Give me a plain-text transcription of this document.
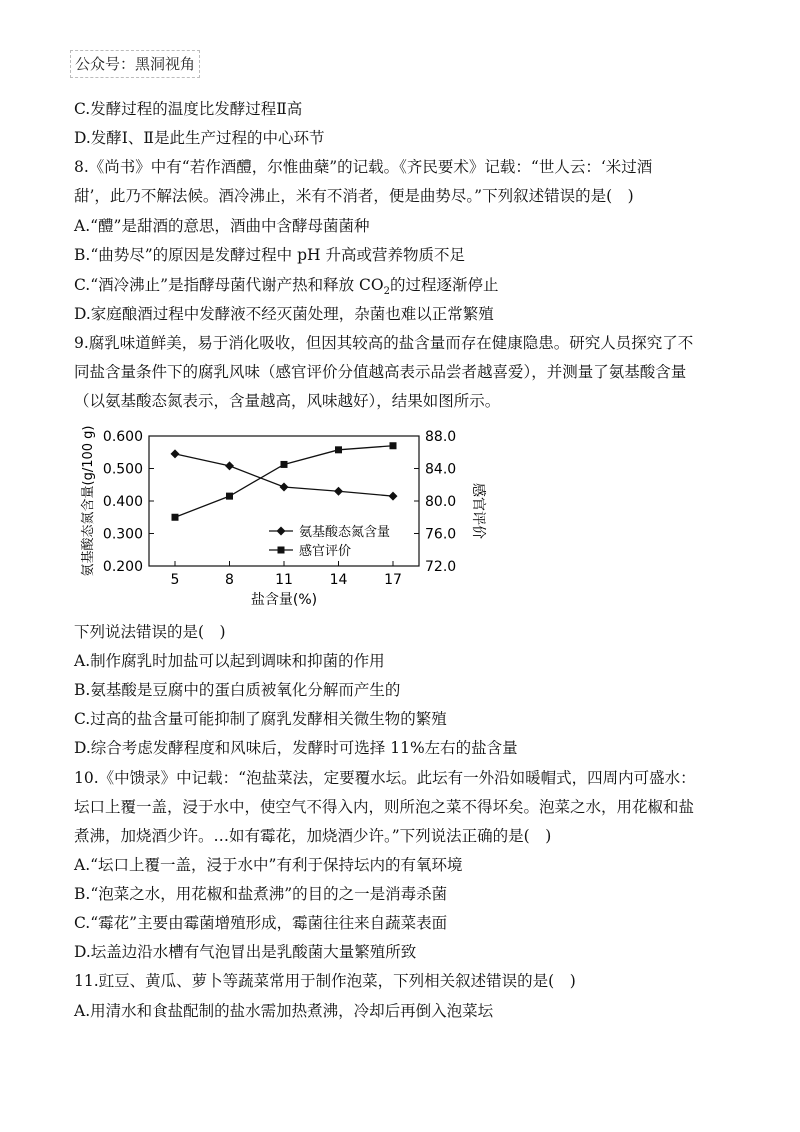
公众号：黑洞视角
C.发酵过程的温度比发酵过程Ⅱ高
D.发酵Ⅰ、Ⅱ是此生产过程的中心环节
8.《尚书》中有“若作酒醴，尔惟曲蘖”的记载。《齐民要术》记载：“世人云：‘米过酒
甜’，此乃不解法候。酒冷沸止，米有不消者，便是曲势尽。”下列叙述错误的是(　)
A.“醴”是甜酒的意思，酒曲中含酵母菌菌种
B.“曲势尽”的原因是发酵过程中 pH 升高或营养物质不足
C.“酒冷沸止”是指酵母菌代谢产热和释放 $CO_2$的过程逐渐停止
D.家庭酿酒过程中发酵液不经灭菌处理，杂菌也难以正常繁殖
9.腐乳味道鲜美，易于消化吸收，但因其较高的盐含量而存在健康隐患。研究人员探究了不
同盐含量条件下的腐乳风味（感官评价分值越高表示品尝者越喜爱），并测量了氨基酸含量
（以氨基酸态氮表示，含量越高，风味越好），结果如图所示。
0.200
0.300
0.400
0.500
0.600
72.0
76.0
80.0
84.0
88.0
5	8	11	14	17
盐含量(%)
氨基酸态氮含量(g/100 g)	感官评价
氨基酸态氮含量
感官评价
下列说法错误的是(　)
A.制作腐乳时加盐可以起到调味和抑菌的作用
B.氨基酸是豆腐中的蛋白质被氧化分解而产生的
C.过高的盐含量可能抑制了腐乳发酵相关微生物的繁殖
D.综合考虑发酵程度和风味后，发酵时可选择 11%左右的盐含量
10.《中馈录》中记载：“泡盐菜法，定要覆水坛。此坛有一外沿如暖帽式，四周内可盛水：
坛口上覆一盖，浸于水中，使空气不得入内，则所泡之菜不得坏矣。泡菜之水，用花椒和盐
煮沸，加烧酒少许。…如有霉花，加烧酒少许。”下列说法正确的是(　)
A.“坛口上覆一盖，浸于水中”有利于保持坛内的有氧环境
B.“泡菜之水，用花椒和盐煮沸”的目的之一是消毒杀菌
C.“霉花”主要由霉菌增殖形成，霉菌往往来自蔬菜表面
D.坛盖边沿水槽有气泡冒出是乳酸菌大量繁殖所致
11.豇豆、黄瓜、萝卜等蔬菜常用于制作泡菜，下列相关叙述错误的是(　)
A.用清水和食盐配制的盐水需加热煮沸，冷却后再倒入泡菜坛
